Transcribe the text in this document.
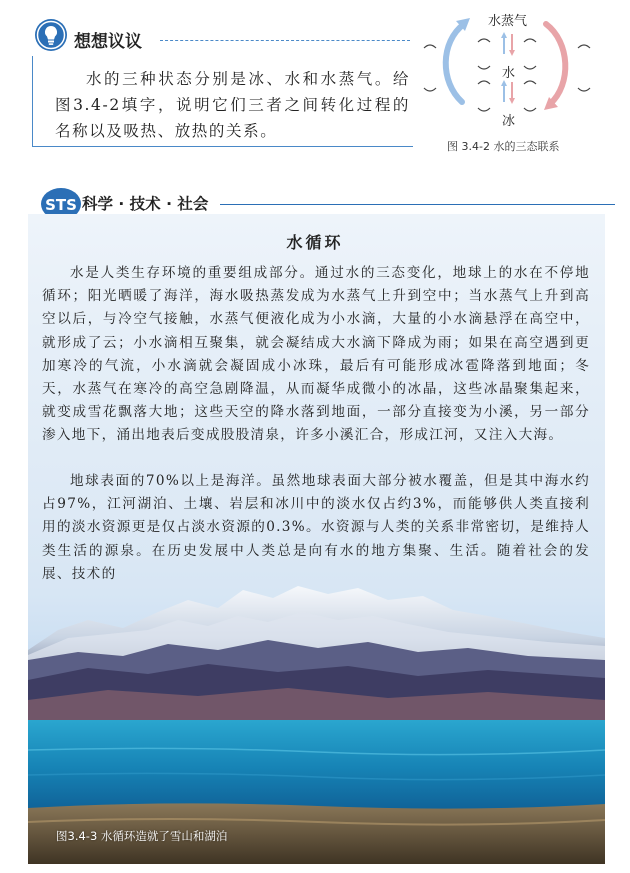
想想议议
水的三种状态分别是冰、水和水蒸气。给图3.4-2填字，说明它们三者之间转化过程的名称以及吸热、放热的关系。
水蒸气
水
冰
图 3.4-2 水的三态联系
STS 科学 · 技术 · 社会
水循环
水是人类生存环境的重要组成部分。通过水的三态变化，地球上的水在不停地循环；阳光晒暖了海洋，海水吸热蒸发成为水蒸气上升到空中；当水蒸气上升到高空以后，与冷空气接触，水蒸气便液化成为小水滴，大量的小水滴悬浮在高空中，就形成了云；小水滴相互聚集，就会凝结成大水滴下降成为雨；如果在高空遇到更加寒冷的气流，小水滴就会凝固成小冰珠，最后有可能形成冰雹降落到地面；冬天，水蒸气在寒冷的高空急剧降温，从而凝华成微小的冰晶，这些冰晶聚集起来，就变成雪花飘落大地；这些天空的降水落到地面，一部分直接变为小溪，另一部分渗入地下，涌出地表后变成股股清泉，许多小溪汇合，形成江河，又注入大海。
地球表面的70%以上是海洋。虽然地球表面大部分被水覆盖，但是其中海水约占97%，江河湖泊、土壤、岩层和冰川中的淡水仅占约3%，而能够供人类直接利用的淡水资源更是仅占淡水资源的0.3%。水资源与人类的关系非常密切，是维持人类生活的源泉。在历史发展中人类总是向有水的地方集聚、生活。随着社会的发展、技术的
图3.4-3 水循环造就了雪山和湖泊
